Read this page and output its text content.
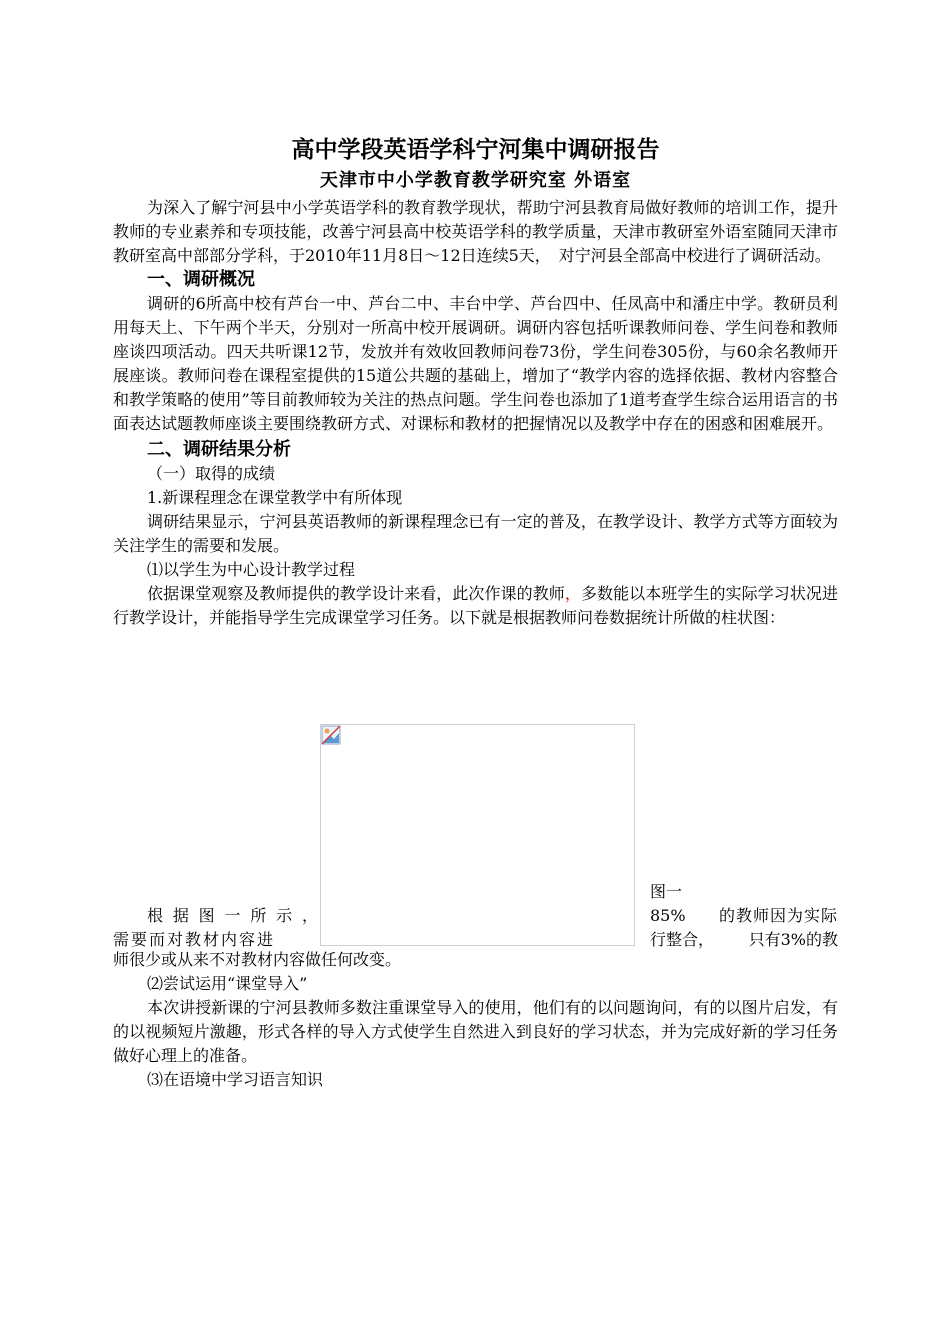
高中学段英语学科宁河集中调研报告
天津市中小学教育教学研究室 外语室

为深入了解宁河县中小学英语学科的教育教学现状，帮助宁河县教育局做好教师的培训工作，提升教师的专业素养和专项技能，改善宁河县高中校英语学科的教学质量，天津市教研室外语室随同天津市教研室高中部部分学科，于2010年11月8日～12日连续5天，　对宁河县全部高中校进行了调研活动。

一、调研概况

调研的6所高中校有芦台一中、芦台二中、丰台中学、芦台四中、任凤高中和潘庄中学。教研员利用每天上、下午两个半天，分别对一所高中校开展调研。调研内容包括听课教师问卷、学生问卷和教师座谈四项活动。四天共听课12节，发放并有效收回教师问卷73份，学生问卷305份，与60余名教师开展座谈。教师问卷在课程室提供的15道公共题的基础上，增加了“教学内容的选择依据、教材内容整合和教学策略的使用”等目前教师较为关注的热点问题。学生问卷也添加了1道考查学生综合运用语言的书面表达试题教师座谈主要围绕教研方式、对课标和教材的把握情况以及教学中存在的困惑和困难展开。

二、调研结果分析

（一）取得的成绩

1.新课程理念在课堂教学中有所体现

调研结果显示，宁河县英语教师的新课程理念已有一定的普及，在教学设计、教学方式等方面较为关注学生的需要和发展。

⑴以学生为中心设计教学过程

依据课堂观察及教师提供的教学设计来看，此次作课的教师，多数能以本班学生的实际学习状况进行教学设计，并能指导学生完成课堂学习任务。以下就是根据教师问卷数据统计所做的柱状图：

根 据 图 一 所 示 ，
需要而对教材内容进
图一
85% 的教师因为实际
行整合， 只有3%的教

师很少或从来不对教材内容做任何改变。

⑵尝试运用“课堂导入”

本次讲授新课的宁河县教师多数注重课堂导入的使用，他们有的以问题询问，有的以图片启发，有的以视频短片激趣，形式各样的导入方式使学生自然进入到良好的学习状态，并为完成好新的学习任务做好心理上的准备。

⑶在语境中学习语言知识
